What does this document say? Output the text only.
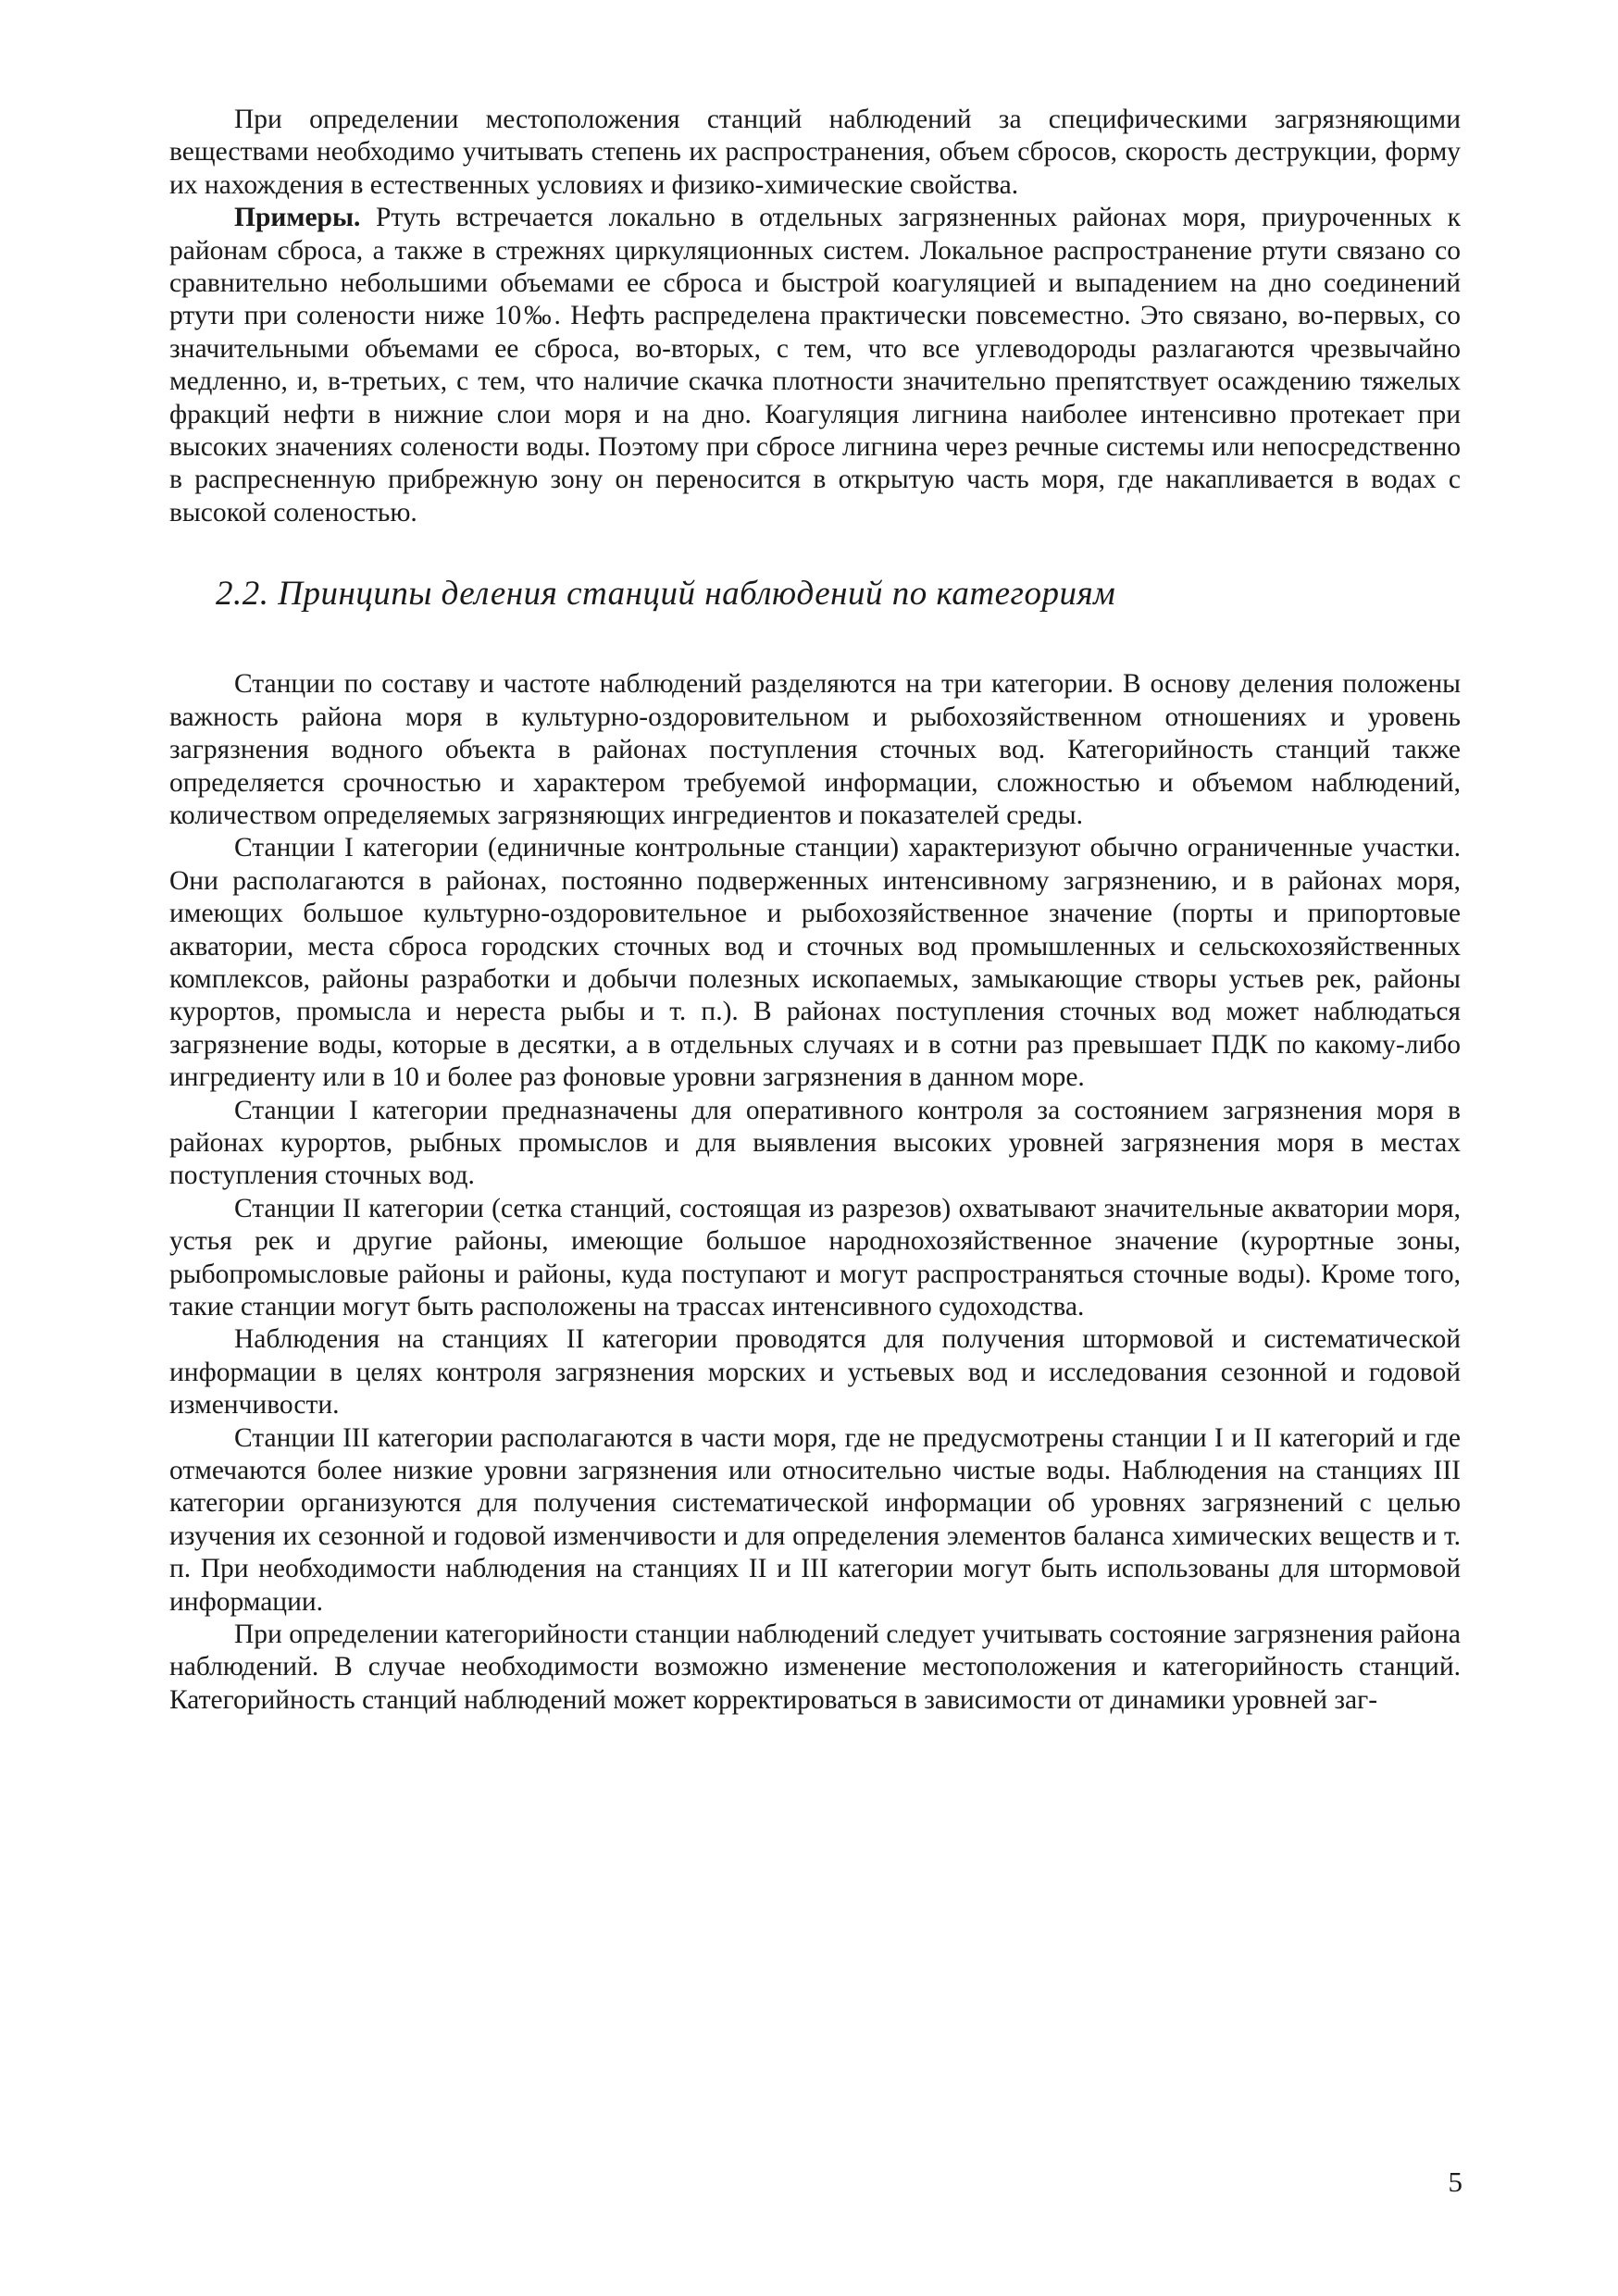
При определении местоположения станций наблюдений за специфическими загрязняющими веществами необходимо учитывать степень их распространения, объем сбросов, скорость деструкции, форму их нахождения в естественных условиях и физико-химические свойства.

Примеры. Ртуть встречается локально в отдельных загрязненных районах моря, приуроченных к районам сброса, а также в стрежнях циркуляционных систем. Локальное распространение ртути связано со сравнительно небольшими объемами ее сброса и быстрой коагуляцией и выпадением на дно соединений ртути при солености ниже 10‰. Нефть распределена практически повсеместно. Это связано, во-первых, со значительными объемами ее сброса, во-вторых, с тем, что все углеводороды разлагаются чрезвычайно медленно, и, в-третьих, с тем, что наличие скачка плотности значительно препятствует осаждению тяжелых фракций нефти в нижние слои моря и на дно. Коагуляция лигнина наиболее интенсивно протекает при высоких значениях солености воды. Поэтому при сбросе лигнина через речные системы или непосредственно в распресненную прибрежную зону он переносится в открытую часть моря, где накапливается в водах с высокой соленостью.

2.2. Принципы деления станций наблюдений по категориям

Станции по составу и частоте наблюдений разделяются на три категории. В основу деления положены важность района моря в культурно-оздоровительном и рыбохозяйственном отношениях и уровень загрязнения водного объекта в районах поступления сточных вод. Категорийность станций также определяется срочностью и характером требуемой информации, сложностью и объемом наблюдений, количеством определяемых загрязняющих ингредиентов и показателей среды.

Станции I категории (единичные контрольные станции) характеризуют обычно ограниченные участки. Они располагаются в районах, постоянно подверженных интенсивному загрязнению, и в районах моря, имеющих большое культурно-оздоровительное и рыбохозяйственное значение (порты и припортовые акватории, места сброса городских сточных вод и сточных вод промышленных и сельскохозяйственных комплексов, районы разработки и добычи полезных ископаемых, замыкающие створы устьев рек, районы курортов, промысла и нереста рыбы и т. п.). В районах поступления сточных вод может наблюдаться загрязнение воды, которые в десятки, а в отдельных случаях и в сотни раз превышает ПДК по какому-либо ингредиенту или в 10 и более раз фоновые уровни загрязнения в данном море.

Станции I категории предназначены для оперативного контроля за состоянием загрязнения моря в районах курортов, рыбных промыслов и для выявления высоких уровней загрязнения моря в местах поступления сточных вод.

Станции II категории (сетка станций, состоящая из разрезов) охватывают значительные акватории моря, устья рек и другие районы, имеющие большое народнохозяйственное значение (курортные зоны, рыбопромысловые районы и районы, куда поступают и могут распространяться сточные воды). Кроме того, такие станции могут быть расположены на трассах интенсивного судоходства.

Наблюдения на станциях II категории проводятся для получения штормовой и систематической информации в целях контроля загрязнения морских и устьевых вод и исследования сезонной и годовой изменчивости.

Станции III категории располагаются в части моря, где не предусмотрены станции I и II категорий и где отмечаются более низкие уровни загрязнения или относительно чистые воды. Наблюдения на станциях III категории организуются для получения систематической информации об уровнях загрязнений с целью изучения их сезонной и годовой изменчивости и для определения элементов баланса химических веществ и т. п. При необходимости наблюдения на станциях II и III категории могут быть использованы для штормовой информации.

При определении категорийности станции наблюдений следует учитывать состояние загрязнения района наблюдений. В случае необходимости возможно изменение местоположения и категорийность станций. Категорийность станций наблюдений может корректироваться в зависимости от динамики уровней заг-

5
